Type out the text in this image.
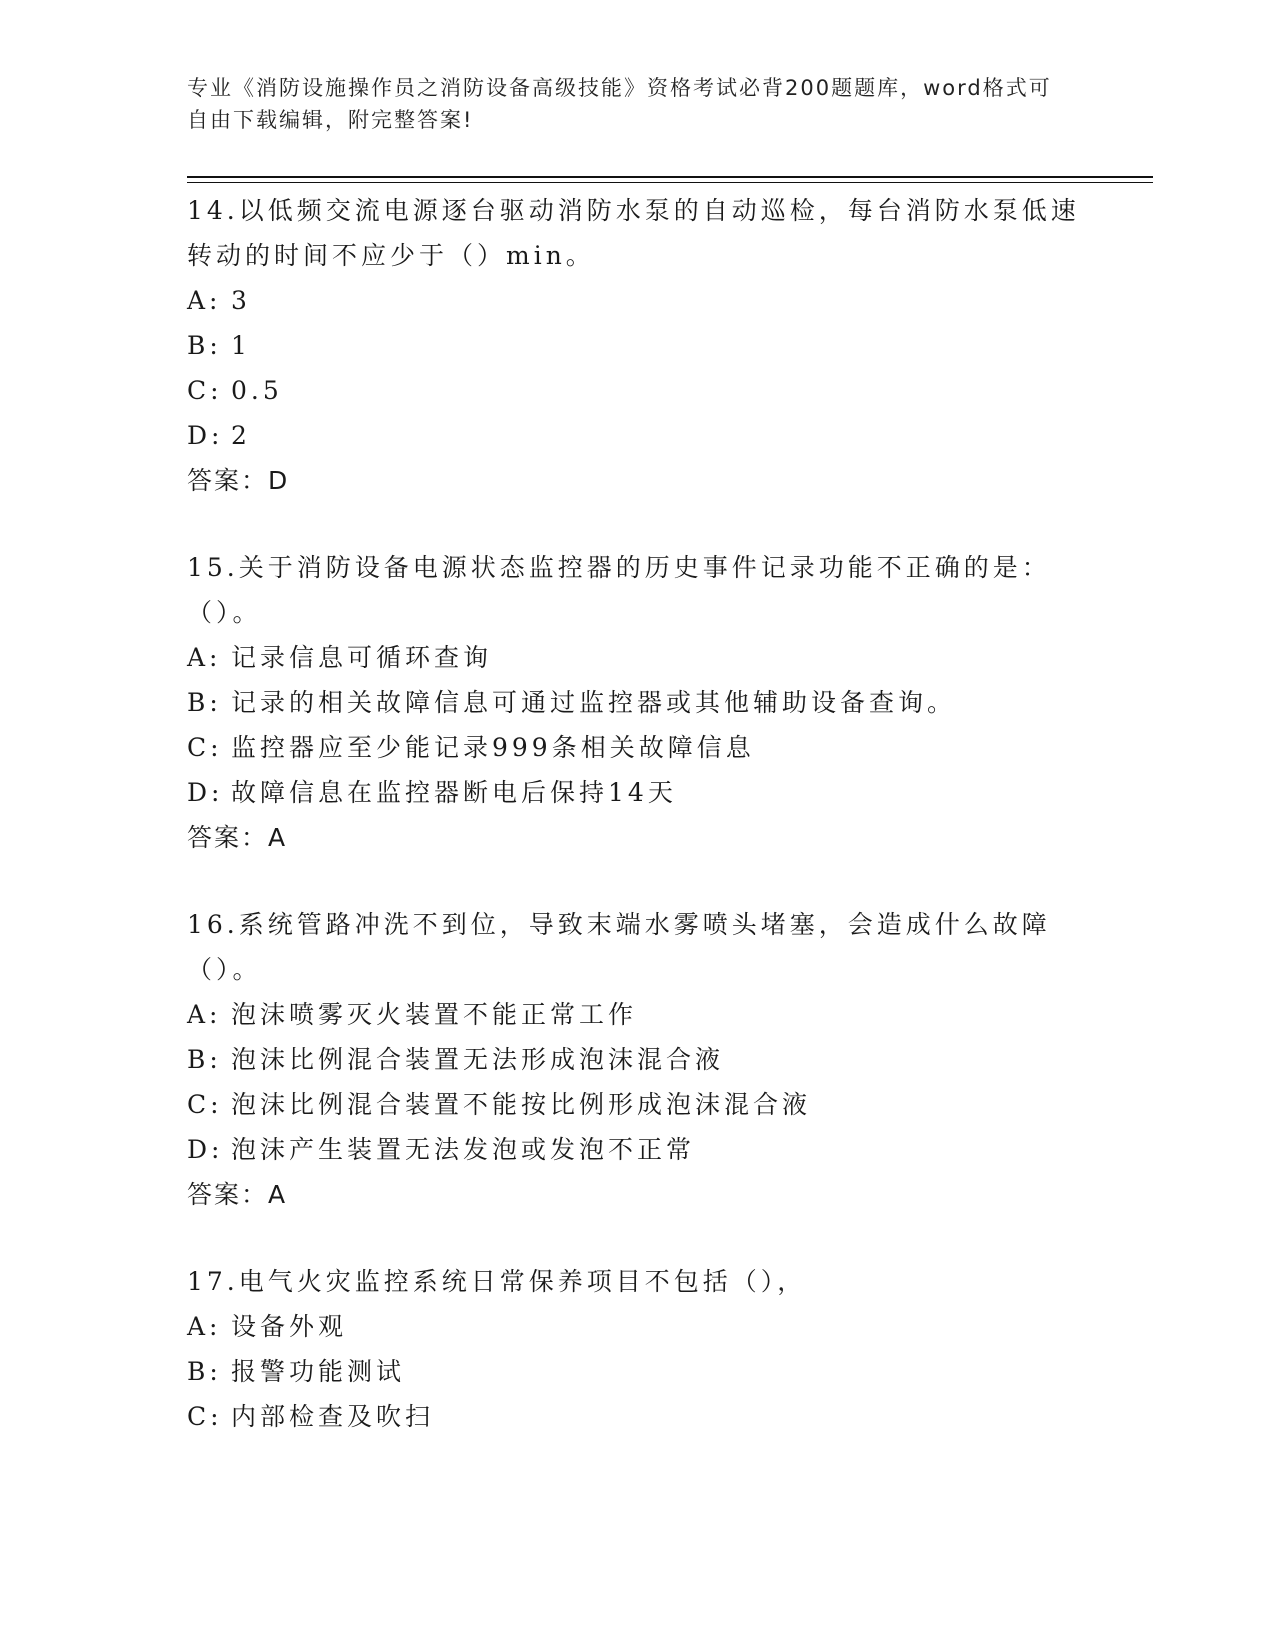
专业《消防设施操作员之消防设备高级技能》资格考试必背200题题库，word格式可自由下载编辑，附完整答案!

14.以低频交流电源逐台驱动消防水泵的自动巡检，每台消防水泵低速转动的时间不应少于（）min。

A: 3

B: 1

C: 0.5

D: 2

答案：D

15.关于消防设备电源状态监控器的历史事件记录功能不正确的是：（）。

A: 记录信息可循环查询

B: 记录的相关故障信息可通过监控器或其他辅助设备查询。

C: 监控器应至少能记录999条相关故障信息

D: 故障信息在监控器断电后保持14天

答案：A

16.系统管路冲洗不到位，导致末端水雾喷头堵塞，会造成什么故障（）。

A: 泡沫喷雾灭火装置不能正常工作

B: 泡沫比例混合装置无法形成泡沫混合液

C: 泡沫比例混合装置不能按比例形成泡沫混合液

D: 泡沫产生装置无法发泡或发泡不正常

答案：A

17.电气火灾监控系统日常保养项目不包括（），

A: 设备外观

B: 报警功能测试

C: 内部检查及吹扫
